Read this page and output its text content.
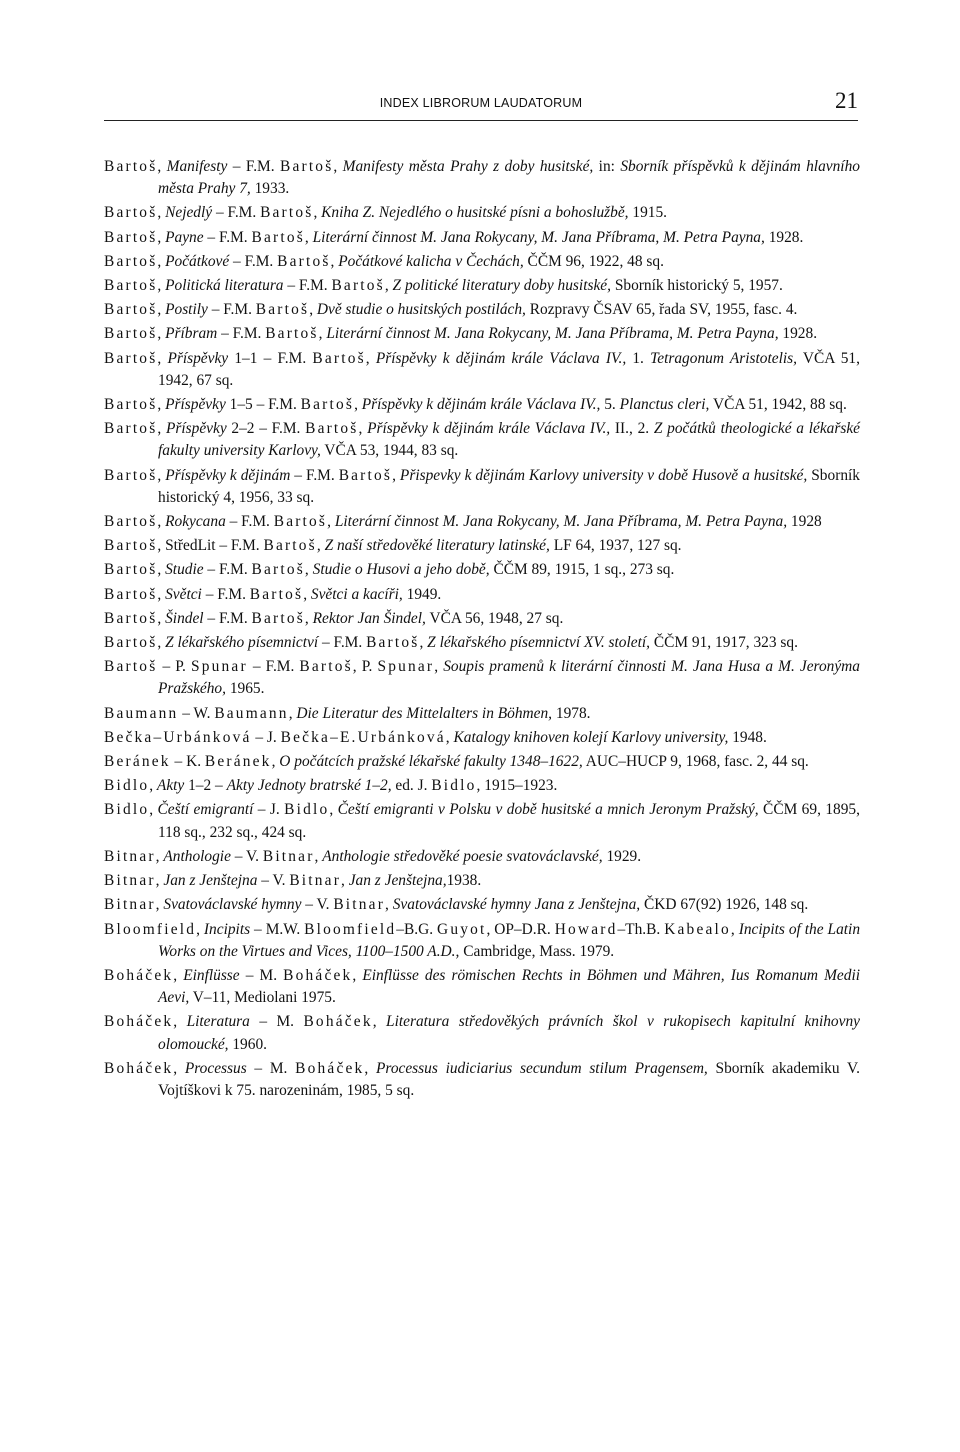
INDEX LIBRORUM LAUDATORUM	21
Bartoš, Manifesty – F.M. Bartoš, Manifesty města Prahy z doby husitské, in: Sborník příspěvků k dějinám hlavního města Prahy 7, 1933.
Bartoš, Nejedlý – F.M. Bartoš, Kniha Z. Nejedlého o husitské písni a bohoslužbě, 1915.
Bartoš, Payne – F.M. Bartoš, Literární činnost M. Jana Rokycany, M. Jana Příbrama, M. Petra Payna, 1928.
Bartoš, Počátkové – F.M. Bartoš, Počátkové kalicha v Čechách, ČČM 96, 1922, 48 sq.
Bartoš, Politická literatura – F.M. Bartoš, Z politické literatury doby husitské, Sborník historický 5, 1957.
Bartoš, Postily – F.M. Bartoš, Dvě studie o husitských postilách, Rozpravy ČSAV 65, řada SV, 1955, fasc. 4.
Bartoš, Příbram – F.M. Bartoš, Literární činnost M. Jana Rokycany, M. Jana Příbrama, M. Petra Payna, 1928.
Bartoš, Příspěvky 1–1 – F.M. Bartoš, Příspěvky k dějinám krále Václava IV., 1. Tetragonum Aristotelis, VČA 51, 1942, 67 sq.
Bartoš, Příspěvky 1–5 – F.M. Bartoš, Příspěvky k dějinám krále Václava IV., 5. Planctus cleri, VČA 51, 1942, 88 sq.
Bartoš, Příspěvky 2–2 – F.M. Bartoš, Příspěvky k dějinám krále Václava IV., II., 2. Z počátků theologické a lékařské fakulty university Karlovy, VČA 53, 1944, 83 sq.
Bartoš, Příspěvky k dějinám – F.M. Bartoš, Přispevky k dějinám Karlovy university v době Husově a husitské, Sborník historický 4, 1956, 33 sq.
Bartoš, Rokycana – F.M. Bartoš, Literární činnost M. Jana Rokycany, M. Jana Příbrama, M. Petra Payna, 1928
Bartoš, StředLit – F.M. Bartoš, Z naší středověké literatury latinské, LF 64, 1937, 127 sq.
Bartoš, Studie – F.M. Bartoš, Studie o Husovi a jeho době, ČČM 89, 1915, 1 sq., 273 sq.
Bartoš, Světci – F.M. Bartoš, Světci a kacíři, 1949.
Bartoš, Šindel – F.M. Bartoš, Rektor Jan Šindel, VČA 56, 1948, 27 sq.
Bartoš, Z lékařského písemnictví – F.M. Bartoš, Z lékařského písemnictví XV. století, ČČM 91, 1917, 323 sq.
Bartoš – P. Spunar – F.M. Bartoš, P. Spunar, Soupis pramenů k literární činnosti M. Jana Husa a M. Jeronýma Pražského, 1965.
Baumann – W. Baumann, Die Literatur des Mittelalters in Böhmen, 1978.
Bečka–Urbánková – J. Bečka–E.Urbánková, Katalogy knihoven kolejí Karlovy university, 1948.
Beránek – K. Beránek, O počátcích pražské lékařské fakulty 1348–1622, AUC–HUCP 9, 1968, fasc. 2, 44 sq.
Bidlo, Akty 1–2 – Akty Jednoty bratrské 1–2, ed. J. Bidlo, 1915–1923.
Bidlo, Čeští emigrantí – J. Bidlo, Čeští emigranti v Polsku v době husitské a mnich Jeronym Pražský, ČČM 69, 1895, 118 sq., 232 sq., 424 sq.
Bitnar, Anthologie – V. Bitnar, Anthologie středověké poesie svatováclavské, 1929.
Bitnar, Jan z Jenštejna – V. Bitnar, Jan z Jenštejna,1938.
Bitnar, Svatováclavské hymny – V. Bitnar, Svatováclavské hymny Jana z Jenštejna, ČKD 67(92) 1926, 148 sq.
Bloomfield, Incipits – M.W. Bloomfield–B.G. Guyot, OP–D.R. Howard–Th.B. Kabealo, Incipits of the Latin Works on the Virtues and Vices, 1100–1500 A.D., Cambridge, Mass. 1979.
Boháček, Einflüsse – M. Boháček, Einflüsse des römischen Rechts in Böhmen und Mähren, Ius Romanum Medii Aevi, V–11, Mediolani 1975.
Boháček, Literatura – M. Boháček, Literatura středověkých právních škol v rukopisech kapitulní knihovny olomoucké, 1960.
Boháček, Processus – M. Boháček, Processus iudiciarius secundum stilum Pragensem, Sborník akademiku V. Vojtíškovi k 75. narozeninám, 1985, 5 sq.
